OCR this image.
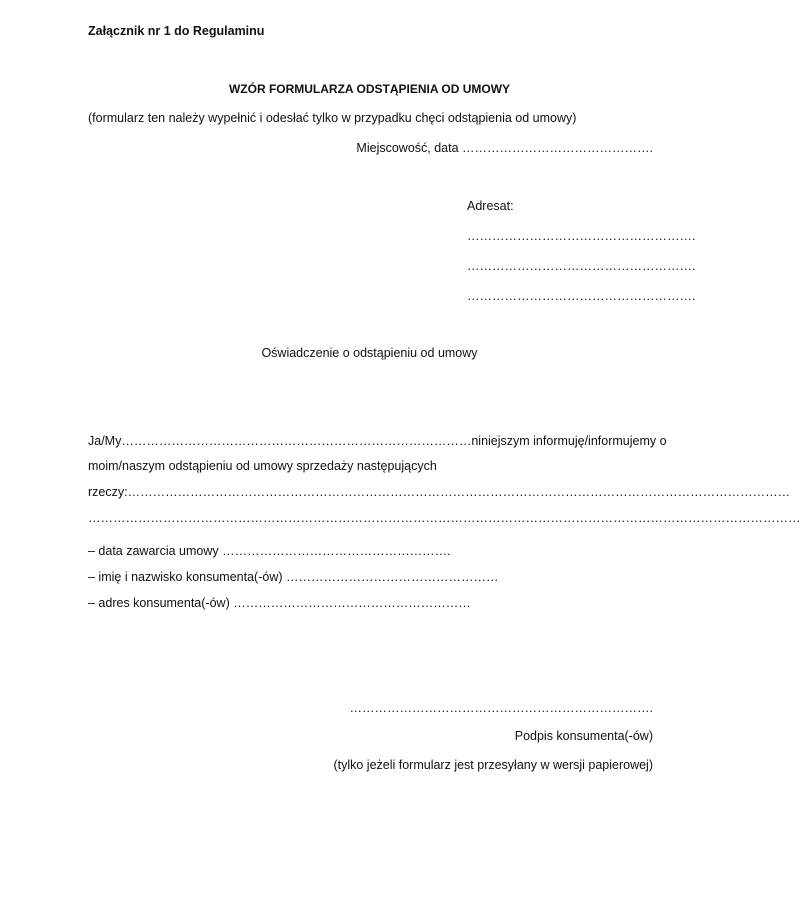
Załącznik nr 1 do Regulaminu
WZÓR FORMULARZA ODSTĄPIENIA OD UMOWY
(formularz ten należy wypełnić i odesłać tylko w przypadku chęci odstąpienia od umowy)
Miejscowość, data ……………………………………….
Adresat:
……………………………………………….
……………………………………………….
……………………………………………….
Oświadczenie o odstąpieniu od umowy
Ja/My…………………………………………………………………………niniejszym informuję/informujemy o
moim/naszym odstąpieniu od umowy sprzedaży następujących
rzeczy:……………………………………………………………………………………………………………………………………………
………………………………………………………………………………………………………………………………………………………
– data zawarcia umowy ……………………………………………….
– imię i nazwisko konsumenta(-ów) ……………………………………………
– adres konsumenta(-ów) …………………………………………………
……………………………………………………………….
Podpis konsumenta(-ów)
(tylko jeżeli formularz jest przesyłany w wersji papierowej)
